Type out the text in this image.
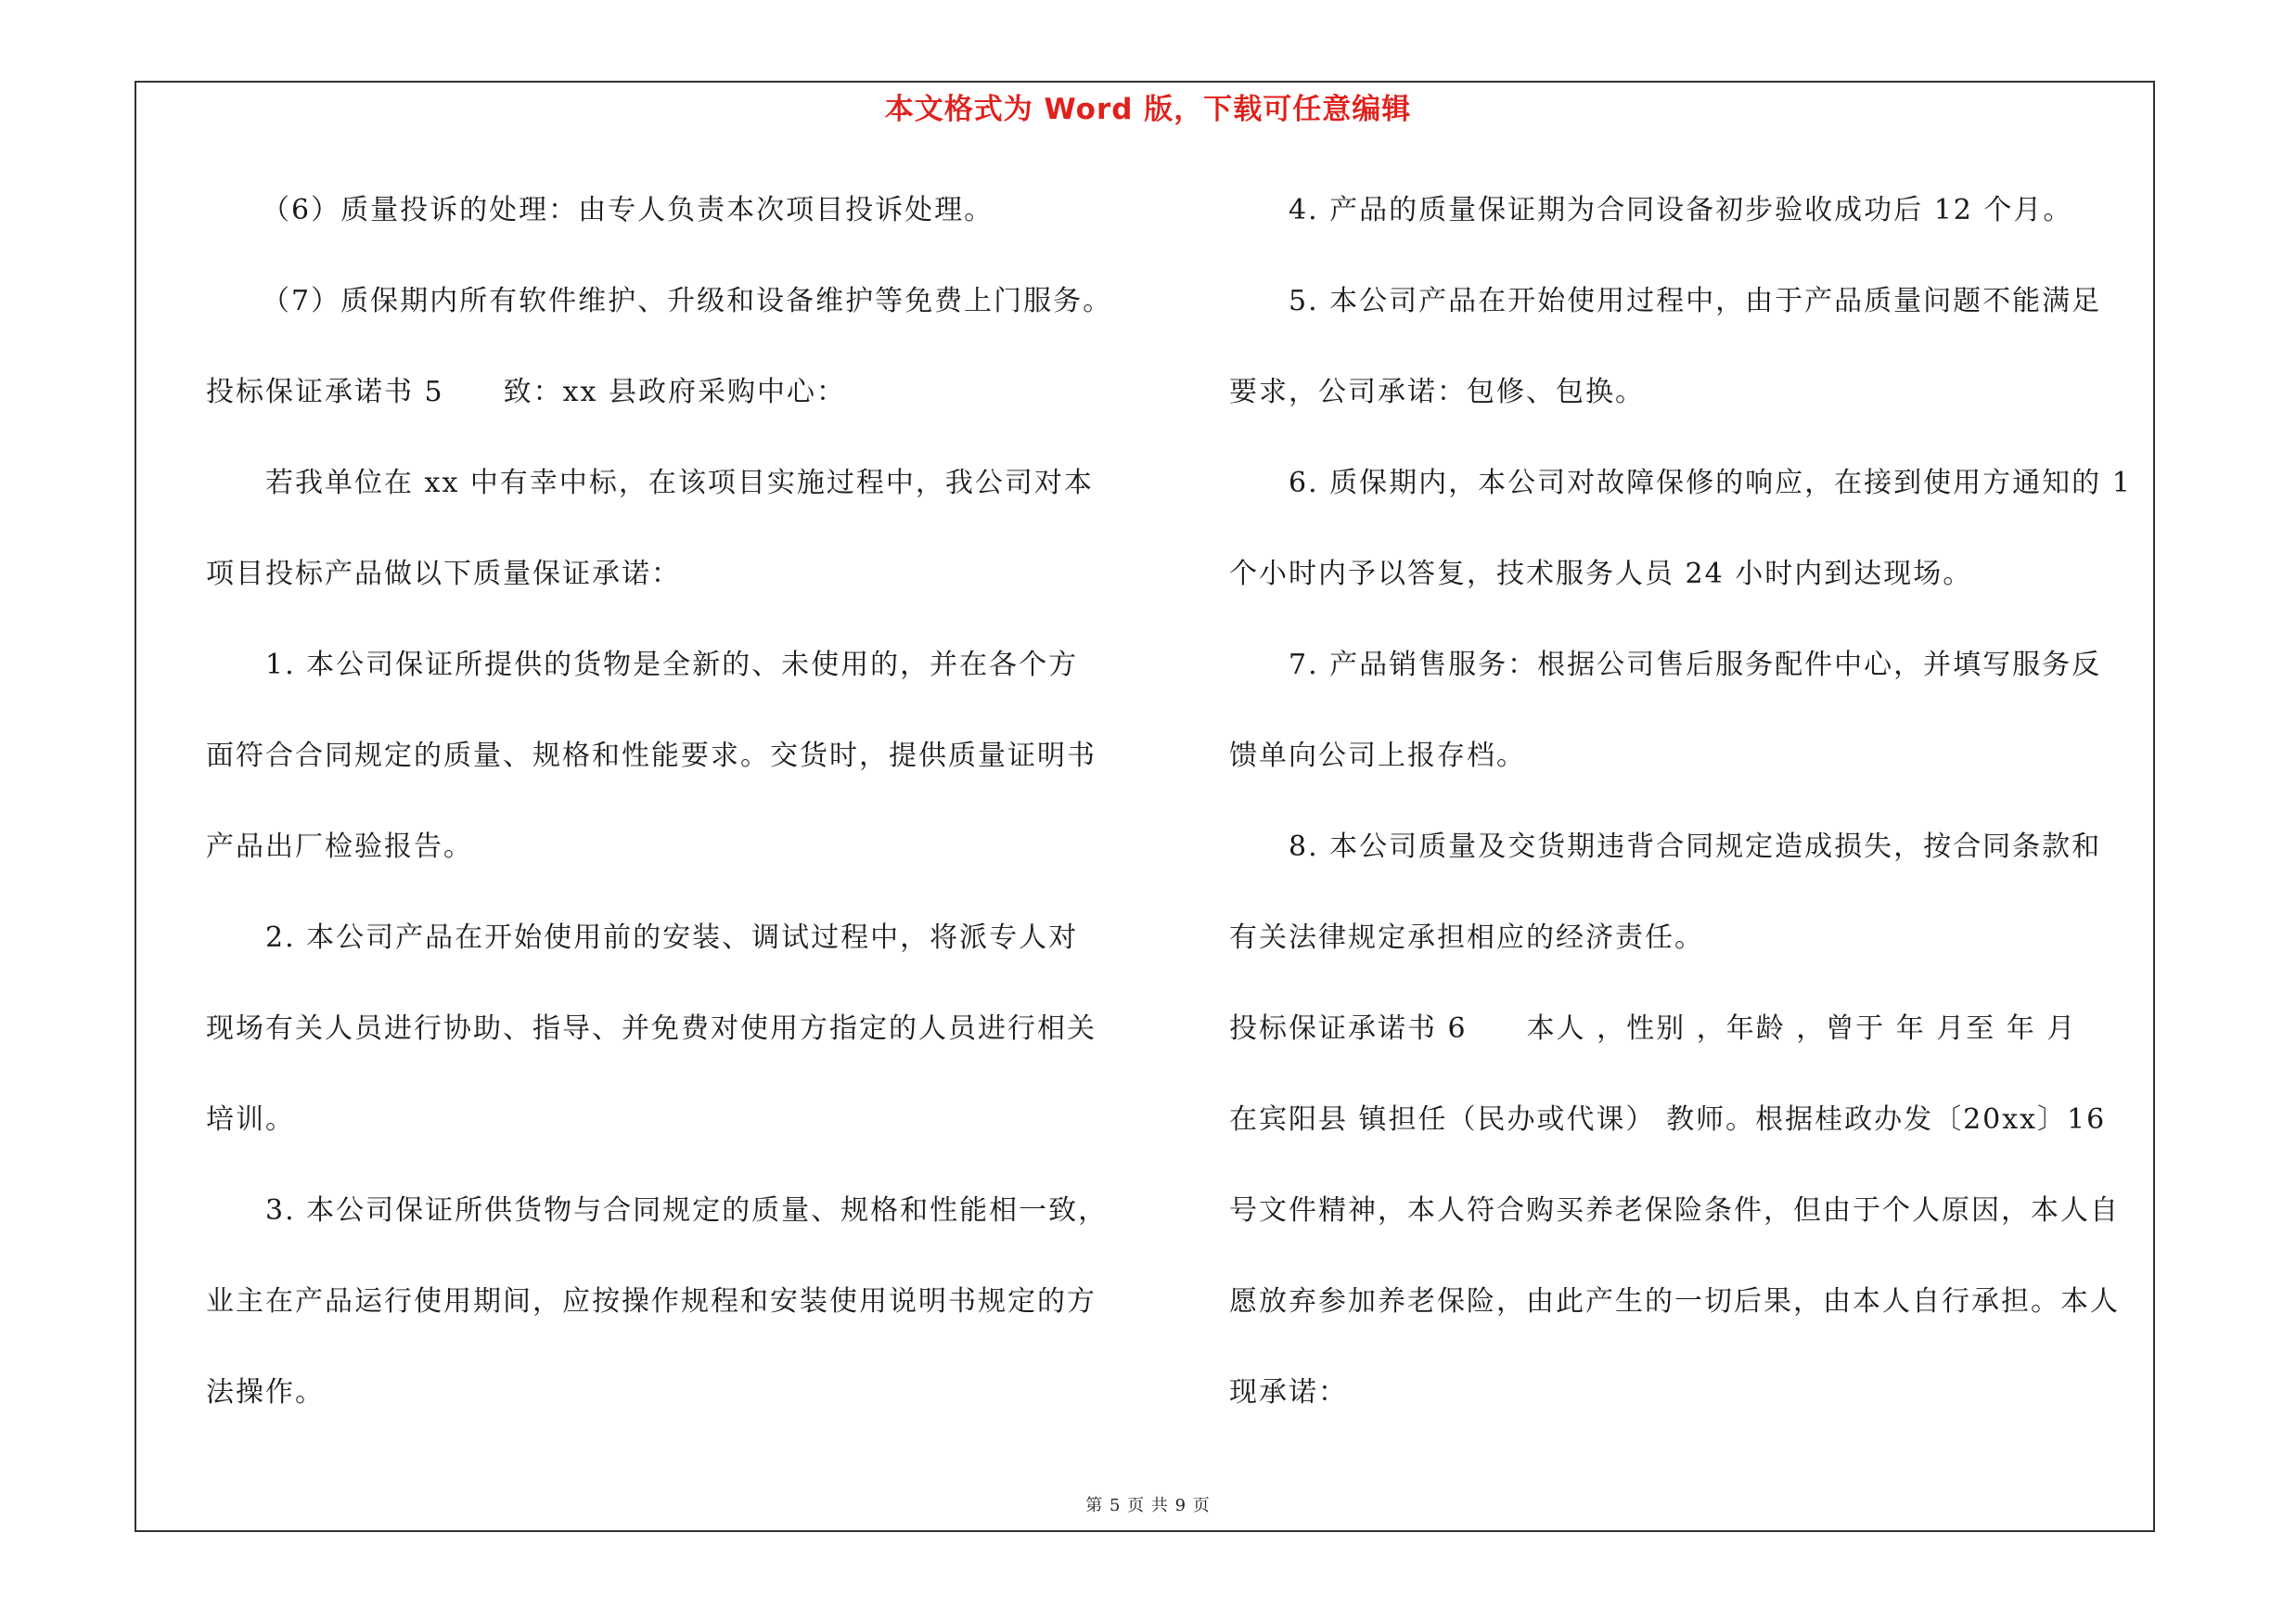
本文格式为 Word 版，下载可任意编辑
（6）质量投诉的处理：由专人负责本次项目投诉处理。
（7）质保期内所有软件维护、升级和设备维护等免费上门服务。
投标保证承诺书 5　　致：xx 县政府采购中心：
若我单位在 xx 中有幸中标，在该项目实施过程中，我公司对本
项目投标产品做以下质量保证承诺：
1. 本公司保证所提供的货物是全新的、未使用的，并在各个方
面符合合同规定的质量、规格和性能要求。交货时，提供质量证明书
产品出厂检验报告。
2. 本公司产品在开始使用前的安装、调试过程中，将派专人对
现场有关人员进行协助、指导、并免费对使用方指定的人员进行相关
培训。
3. 本公司保证所供货物与合同规定的质量、规格和性能相一致，
业主在产品运行使用期间，应按操作规程和安装使用说明书规定的方
法操作。
4. 产品的质量保证期为合同设备初步验收成功后 12 个月。
5. 本公司产品在开始使用过程中，由于产品质量问题不能满足
要求，公司承诺：包修、包换。
6. 质保期内，本公司对故障保修的响应，在接到使用方通知的 1
个小时内予以答复，技术服务人员 24 小时内到达现场。
7. 产品销售服务：根据公司售后服务配件中心，并填写服务反
馈单向公司上报存档。
8. 本公司质量及交货期违背合同规定造成损失，按合同条款和
有关法律规定承担相应的经济责任。
投标保证承诺书 6　　本人 ，性别 ，年龄 ，曾于 年 月至 年 月
在宾阳县 镇担任（民办或代课） 教师。根据桂政办发〔20xx〕16
号文件精神，本人符合购买养老保险条件，但由于个人原因，本人自
愿放弃参加养老保险，由此产生的一切后果，由本人自行承担。本人
现承诺：
第 5 页 共 9 页
